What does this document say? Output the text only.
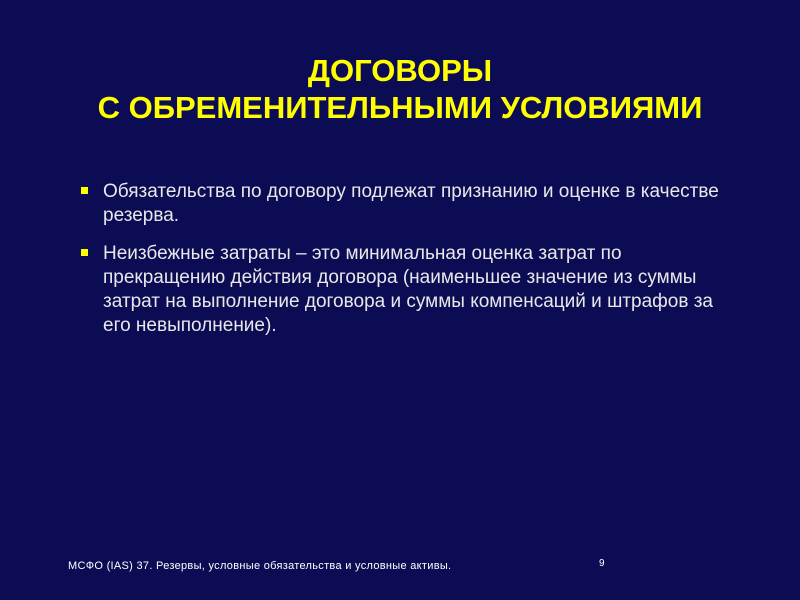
ДОГОВОРЫ
С ОБРЕМЕНИТЕЛЬНЫМИ УСЛОВИЯМИ
Обязательства по договору подлежат признанию и оценке в качестве резерва.
Неизбежные затраты – это минимальная оценка затрат по прекращению действия договора (наименьшее значение из суммы затрат на выполнение договора и суммы компенсаций и штрафов за его невыполнение).
МСФО (IAS) 37. Резервы, условные обязательства и условные активы.	9
